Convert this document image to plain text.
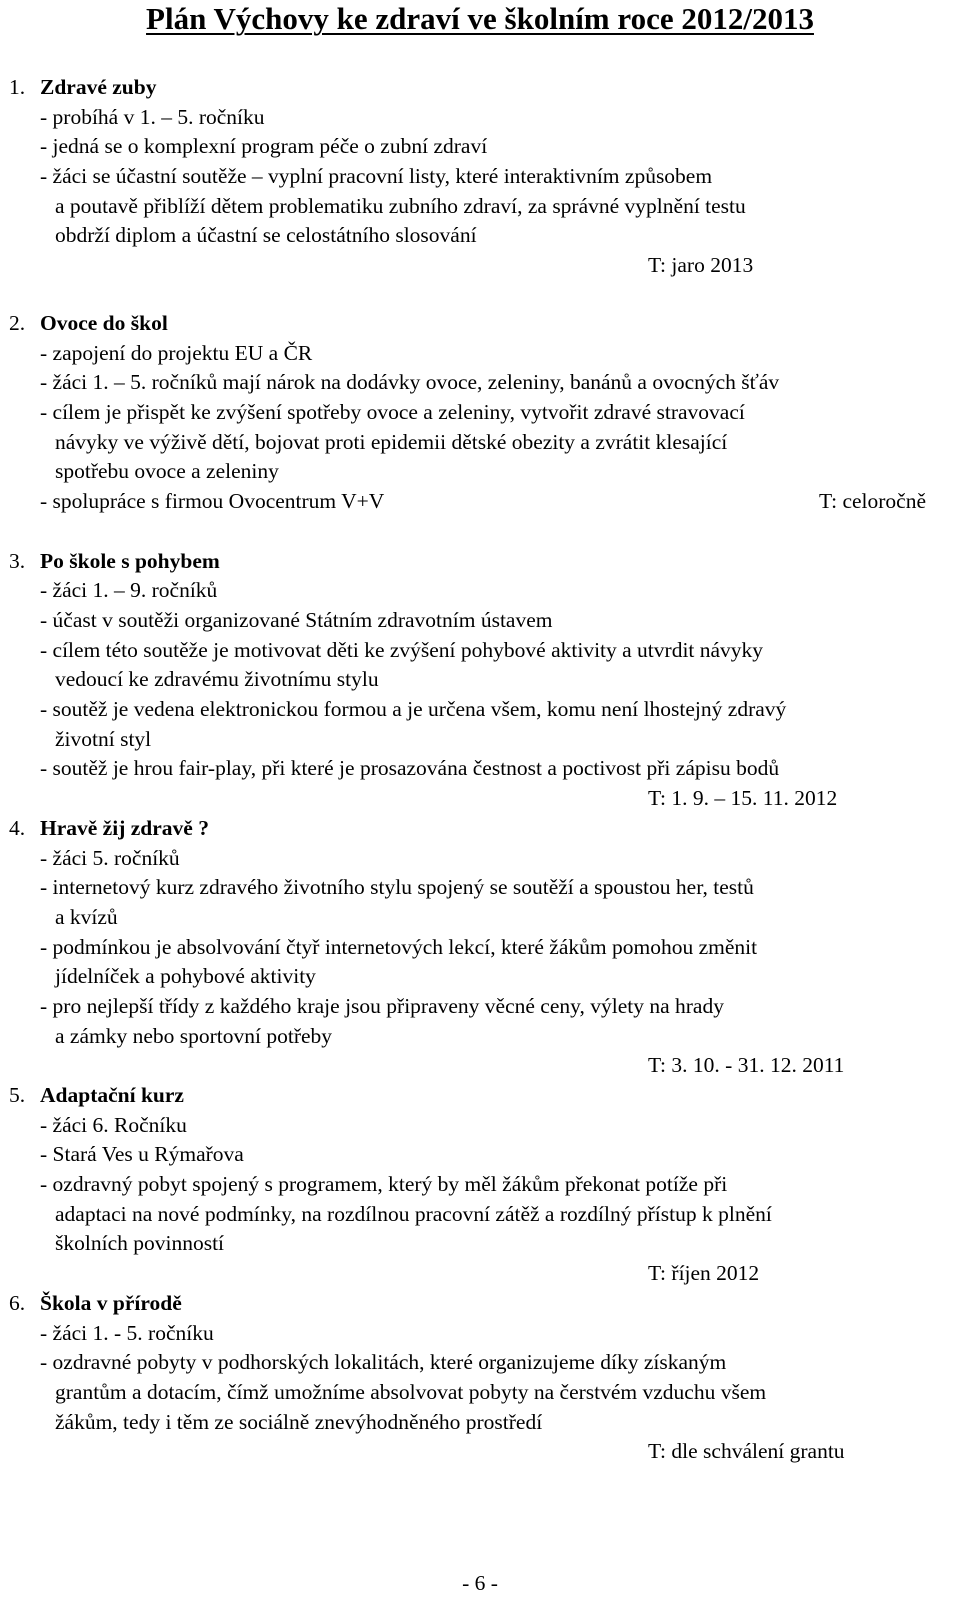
Plán Výchovy ke zdraví ve školním roce 2012/2013
1. Zdravé zuby
- probíhá v 1. – 5. ročníku
- jedná se o komplexní program péče o zubní zdraví
- žáci se účastní soutěže – vyplní pracovní listy, které interaktivním způsobem
a poutavě přiblíží dětem problematiku zubního zdraví, za správné vyplnění testu
obdrží diplom a účastní se celostátního slosování
T: jaro 2013
2. Ovoce do škol
- zapojení do projektu EU a ČR
- žáci 1. – 5. ročníků mají nárok na dodávky ovoce, zeleniny, banánů a ovocných šťáv
- cílem je přispět ke zvýšení spotřeby ovoce a zeleniny, vytvořit zdravé stravovací
návyky ve výživě dětí, bojovat proti epidemii dětské obezity a zvrátit klesající
spotřebu ovoce a zeleniny
- spolupráce s firmou Ovocentrum V+V	T: celoročně
3. Po škole s pohybem
- žáci 1. – 9. ročníků
- účast v soutěži organizované Státním zdravotním ústavem
- cílem této soutěže je motivovat děti ke zvýšení pohybové aktivity a utvrdit návyky
vedoucí ke zdravému životnímu stylu
- soutěž je vedena elektronickou formou a je určena všem, komu není lhostejný zdravý
životní styl
- soutěž je hrou fair-play, při které je prosazována čestnost a poctivost při zápisu bodů
T: 1. 9. – 15. 11. 2012
4. Hravě žij zdravě ?
- žáci 5. ročníků
- internetový kurz zdravého životního stylu spojený se soutěží a spoustou her, testů
a kvízů
- podmínkou je absolvování čtyř internetových lekcí, které žákům pomohou změnit
jídelníček a pohybové aktivity
- pro nejlepší třídy z každého kraje jsou připraveny věcné ceny, výlety na hrady
a zámky nebo sportovní potřeby
T: 3. 10. - 31. 12. 2011
5. Adaptační kurz
- žáci 6. Ročníku
- Stará Ves u Rýmařova
- ozdravný pobyt spojený s programem, který by měl žákům překonat potíže při
adaptaci na nové podmínky, na rozdílnou pracovní zátěž a rozdílný přístup k plnění
školních povinností
T: říjen 2012
6. Škola v přírodě
- žáci 1. - 5. ročníku
- ozdravné pobyty v podhorských lokalitách, které organizujeme díky získaným
grantům a dotacím, čímž umožníme absolvovat pobyty na čerstvém vzduchu všem
žákům, tedy i těm ze sociálně znevýhodněného prostředí
T: dle schválení grantu
- 6 -
